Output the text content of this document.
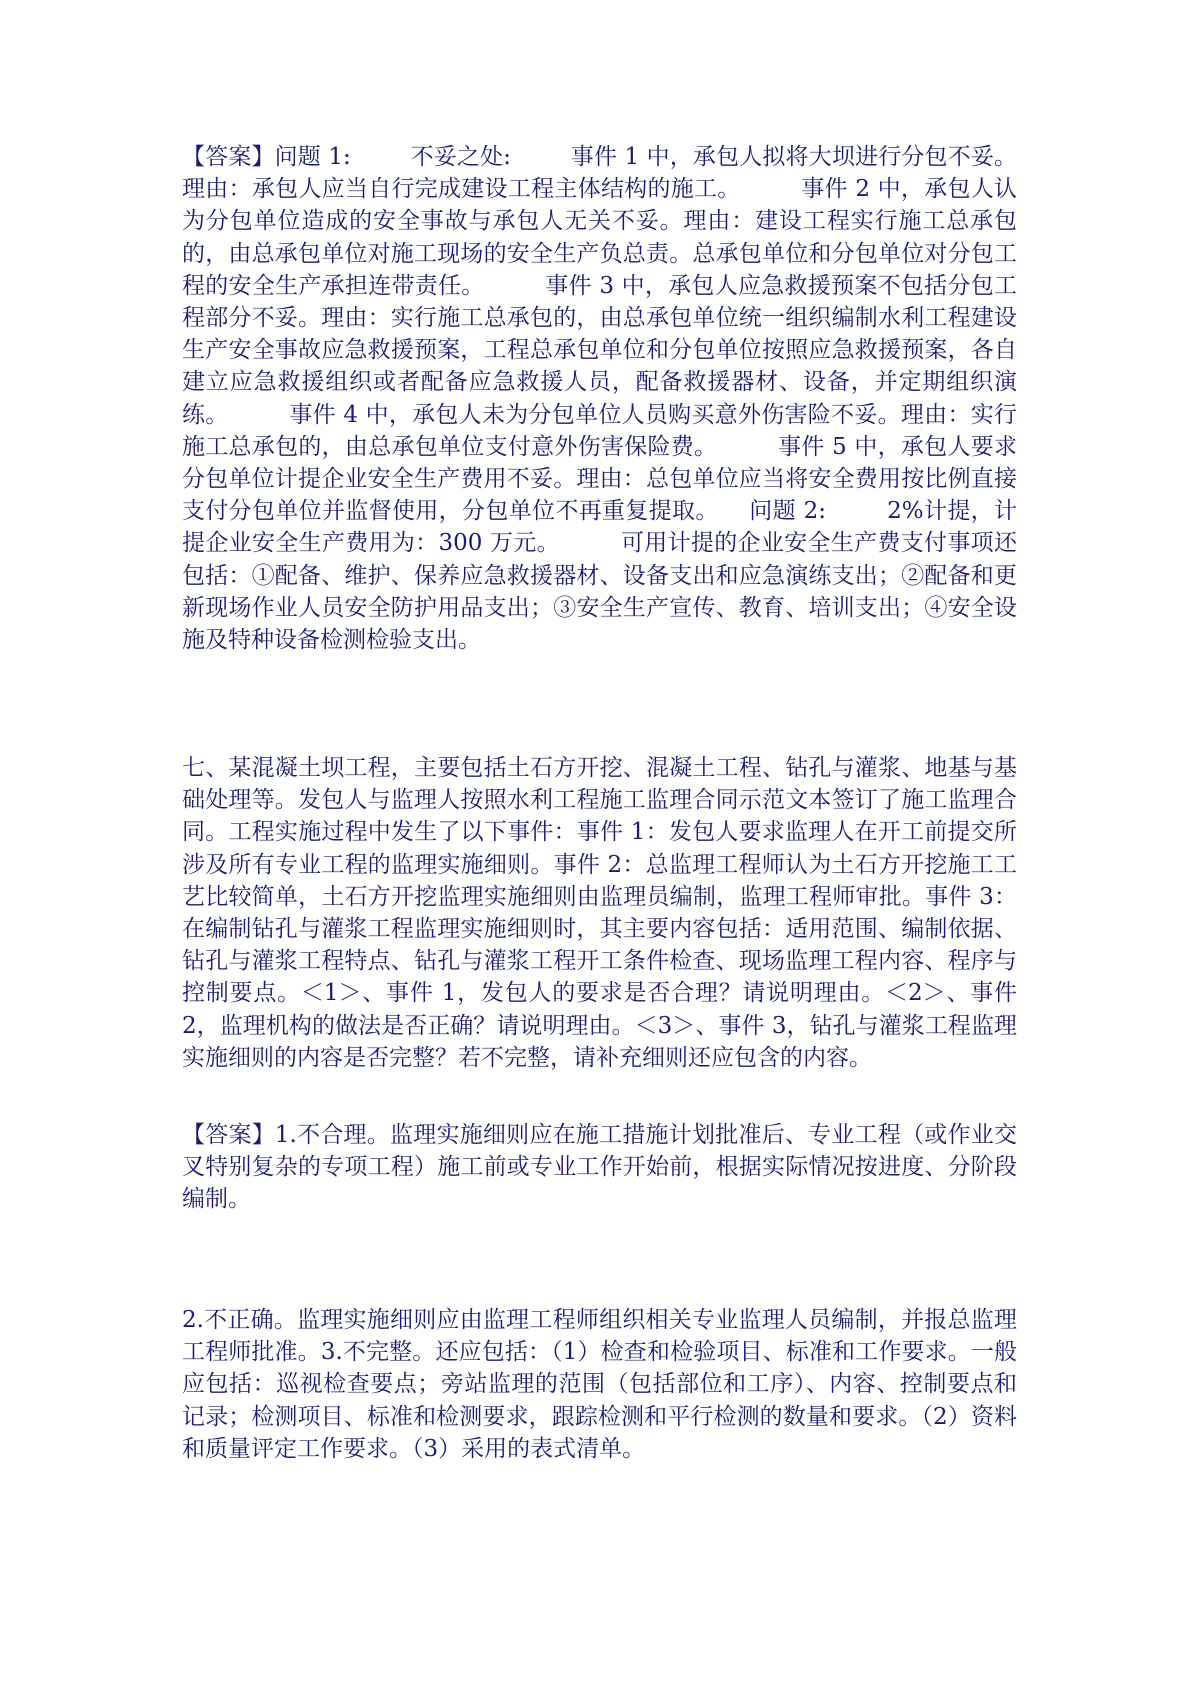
【答案】问题 1:        不妥之处:        事件 1 中，承包人拟将大坝进行分包不妥。理由：承包人应当自行完成建设工程主体结构的施工。        事件 2 中，承包人认为分包单位造成的安全事故与承包人无关不妥。理由：建设工程实行施工总承包的，由总承包单位对施工现场的安全生产负总责。总承包单位和分包单位对分包工程的安全生产承担连带责任。        事件 3 中，承包人应急救援预案不包括分包工程部分不妥。理由：实行施工总承包的，由总承包单位统一组织编制水利工程建设生产安全事故应急救援预案，工程总承包单位和分包单位按照应急救援预案，各自建立应急救援组织或者配备应急救援人员，配备救援器材、设备，并定期组织演练。        事件 4 中，承包人未为分包单位人员购买意外伤害险不妥。理由：实行施工总承包的，由总承包单位支付意外伤害保险费。        事件 5 中，承包人要求分包单位计提企业安全生产费用不妥。理由：总包单位应当将安全费用按比例直接支付分包单位并监督使用，分包单位不再重复提取。    问题 2:        2%计提，计提企业安全生产费用为：300 万元。        可用计提的企业安全生产费支付事项还包括：①配备、维护、保养应急救援器材、设备支出和应急演练支出；②配备和更新现场作业人员安全防护用品支出；③安全生产宣传、教育、培训支出；④安全设施及特种设备检测检验支出。

七、某混凝土坝工程，主要包括土石方开挖、混凝土工程、钻孔与灌浆、地基与基础处理等。发包人与监理人按照水利工程施工监理合同示范文本签订了施工监理合同。工程实施过程中发生了以下事件：事件 1：发包人要求监理人在开工前提交所涉及所有专业工程的监理实施细则。事件 2：总监理工程师认为土石方开挖施工工艺比较简单，土石方开挖监理实施细则由监理员编制，监理工程师审批。事件 3：在编制钻孔与灌浆工程监理实施细则时，其主要内容包括：适用范围、编制依据、钻孔与灌浆工程特点、钻孔与灌浆工程开工条件检查、现场监理工程内容、程序与控制要点。＜1＞、事件 1，发包人的要求是否合理？请说明理由。＜2＞、事件 2，监理机构的做法是否正确？请说明理由。＜3＞、事件 3，钻孔与灌浆工程监理实施细则的内容是否完整？若不完整，请补充细则还应包含的内容。

【答案】1.不合理。监理实施细则应在施工措施计划批准后、专业工程（或作业交叉特别复杂的专项工程）施工前或专业工作开始前，根据实际情况按进度、分阶段编制。

2.不正确。监理实施细则应由监理工程师组织相关专业监理人员编制，并报总监理工程师批准。3.不完整。还应包括：（1）检查和检验项目、标准和工作要求。一般应包括：巡视检查要点；旁站监理的范围（包括部位和工序）、内容、控制要点和记录；检测项目、标准和检测要求，跟踪检测和平行检测的数量和要求。（2）资料和质量评定工作要求。（3）采用的表式清单。
